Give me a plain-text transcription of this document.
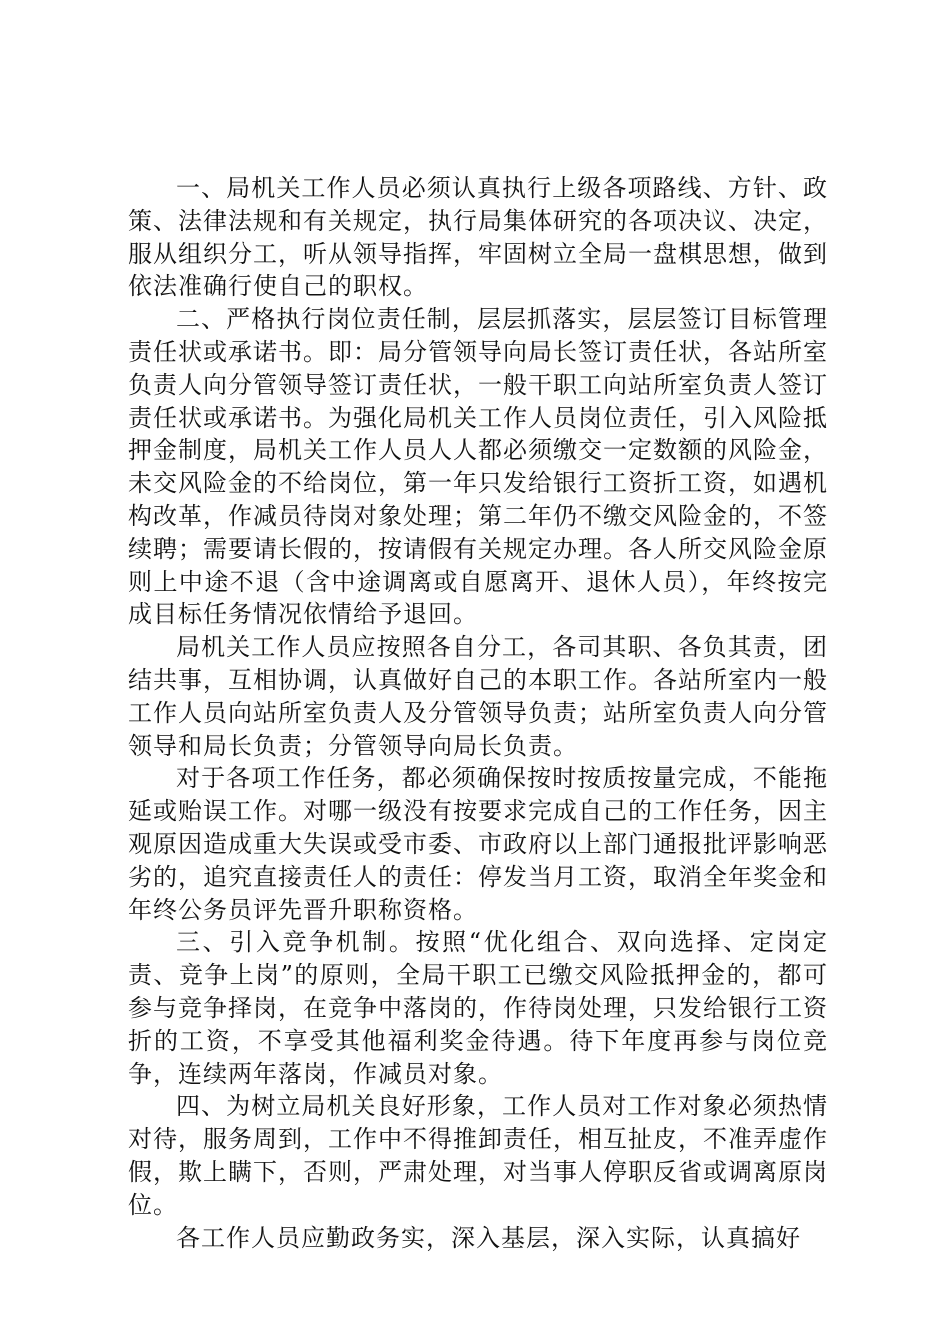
一、局机关工作人员必须认真执行上级各项路线、方针、政策、法律法规和有关规定，执行局集体研究的各项决议、决定，服从组织分工，听从领导指挥，牢固树立全局一盘棋思想，做到依法准确行使自己的职权。

二、严格执行岗位责任制，层层抓落实，层层签订目标管理责任状或承诺书。即：局分管领导向局长签订责任状，各站所室负责人向分管领导签订责任状，一般干职工向站所室负责人签订责任状或承诺书。为强化局机关工作人员岗位责任，引入风险抵押金制度，局机关工作人员人人都必须缴交一定数额的风险金，未交风险金的不给岗位，第一年只发给银行工资折工资，如遇机构改革，作减员待岗对象处理；第二年仍不缴交风险金的，不签续聘；需要请长假的，按请假有关规定办理。各人所交风险金原则上中途不退（含中途调离或自愿离开、退休人员），年终按完成目标任务情况依情给予退回。

局机关工作人员应按照各自分工，各司其职、各负其责，团结共事，互相协调，认真做好自己的本职工作。各站所室内一般工作人员向站所室负责人及分管领导负责；站所室负责人向分管领导和局长负责；分管领导向局长负责。

对于各项工作任务，都必须确保按时按质按量完成，不能拖延或贻误工作。对哪一级没有按要求完成自己的工作任务，因主观原因造成重大失误或受市委、市政府以上部门通报批评影响恶劣的，追究直接责任人的责任：停发当月工资，取消全年奖金和年终公务员评先晋升职称资格。

三、引入竞争机制。按照“优化组合、双向选择、定岗定责、竞争上岗”的原则，全局干职工已缴交风险抵押金的，都可参与竞争择岗，在竞争中落岗的，作待岗处理，只发给银行工资折的工资，不享受其他福利奖金待遇。待下年度再参与岗位竞争，连续两年落岗，作减员对象。

四、为树立局机关良好形象，工作人员对工作对象必须热情对待，服务周到，工作中不得推卸责任，相互扯皮，不准弄虚作假，欺上瞒下，否则，严肃处理，对当事人停职反省或调离原岗位。

各工作人员应勤政务实，深入基层，深入实际，认真搞好
